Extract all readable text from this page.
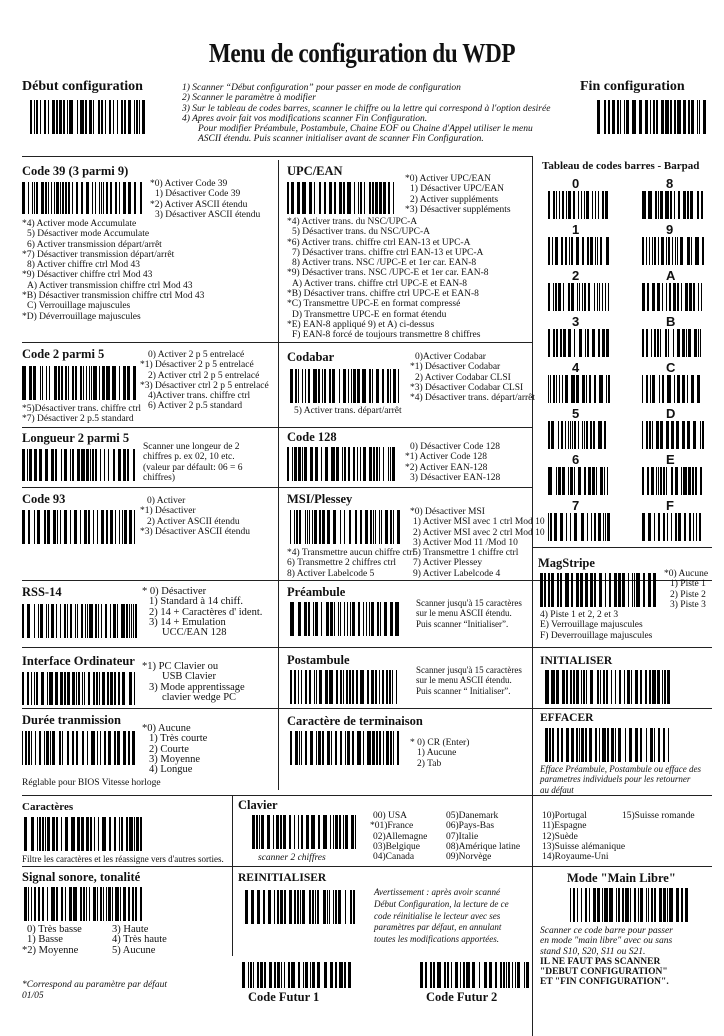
Menu de configuration du WDP
Début configuration	1) Scanner “Début configuration” pour passer en mode de configuration
2) Scanner le paramètre à modifier
3) Sur le tableau de codes barres, scanner le chiffre ou la lettre qui correspond à l'option desirée
4) Apres avoir fait vos modifications scanner Fin Configuration.
Pour modifier Préambule, Postambule, Chaine EOF ou Chaine d'Appel utiliser le menu
ASCII étendu. Puis scanner initialiser avant de scanner Fin Configuration.
Fin configuration
Code 39 (3 parmi 9)
*0) Activer Code 39
1) Désactiver Code 39
*2) Activer ASCII étendu
3) Désactiver ASCII étendu
*4) Activer mode Accumulate
5) Désactiver mode Accumulate
6) Activer transmission départ/arrêt
*7) Désactiver transmission départ/arrêt
8) Activer chiffre ctrl Mod 43
*9) Désactiver chiffre ctrl Mod 43
A) Activer transmission chiffre ctrl Mod 43
*B) Désactiver transmission chiffre ctrl Mod 43
C) Verrouillage majuscules
*D) Déverrouillage majuscules
UPC/EAN
*0) Activer UPC/EAN
1) Désactiver UPC/EAN
2) Activer suppléments
*3) Désactiver suppléments
*4) Activer trans. du NSC/UPC-A
5) Désactiver trans. du NSC/UPC-A
*6) Activer trans. chiffre ctrl EAN-13 et UPC-A
7) Désactiver trans. chiffre ctrl EAN-13 et UPC-A
8) Activer trans. NSC /UPC-E et 1er car. EAN-8
*9) Désactiver trans. NSC /UPC-E et 1er car. EAN-8
A) Activer trans. chiffre ctrl UPC-E et EAN-8
*B) Désactiver trans. chiffre ctrl UPC-E et EAN-8
*C) Transmettre UPC-E en format compressé
D) Transmettre UPC-E en format étendu
*E) EAN-8 appliqué 9) et A) ci-dessus
F) EAN-8 forcé de toujours transmettre 8 chiffres
Tableau de codes barres - Barpad
0	8
1	9
2	A
3	B
4	C
5	D
6	E
7	F
Code 2 parmi 5	0) Activer 2 p 5 entrelacé
*1) Désactiver 2 p 5 entrelacé
2) Activer ctrl 2 p 5 entrelacé
*3) Désactiver ctrl 2 p 5 entrelacé
4)Activer trans. chiffre ctrl
6) Activer 2 p.5 standard
*5)Désactiver trans. chiffre ctrl
*7) Désactiver 2 p.5 standard
Codabar	0)Activer Codabar
*1) Désactiver Codabar
2) Activer Codabar CLSI
*3) Désactiver Codabar CLSI
*4) Désactiver trans. départ/arrêt
5) Activer trans. départ/arrêt
Longueur 2 parmi 5
Scanner une longeur de 2
chiffres p. ex 02, 10 etc.
(valeur par défault: 06 = 6
chiffres)
Code 128
0) Désactiver Code 128
*1) Activer Code 128
*2) Activer EAN-128
3) Désactiver EAN-128
Code 93	0) Activer
*1) Désactiver
2) Activer ASCII étendu
*3) Désactiver ASCII étendu
MSI/Plessey
*0) Désactiver MSI
1) Activer MSI avec 1 ctrl Mod 10
2) Activer MSI avec 2 ctrl Mod 10
3) Activer Mod 11 /Mod 10
5) Transmettre 1 chiffre ctrl
7) Activer Plessey
9) Activer Labelcode 4
*4) Transmettre aucun chiffre ctrl
6) Transmettre 2 chiffres ctrl
8) Activer Labelcode 5
MagStripe
*0) Aucune
1) Piste 1
2) Piste 2
3) Piste 3
4) Piste 1 et 2, 2 et 3
E) Verrouillage majuscules
F) Deverrouillage majuscules
RSS-14	* 0) Désactiver
1) Standard à 14 chiff.
2) 14 + Caractères d' ident.
3) 14 + Emulation
UCC/EAN 128
Préambule
Scanner jusqu'à 15 caractères
sur le menu ASCII étendu.
Puis scanner “Initialiser”.
Interface Ordinateur *1) PC Clavier ou
USB Clavier
3) Mode apprentissage
clavier wedge PC
Postambule
Scanner jusqu'à 15 caractères
sur le menu ASCII étendu.
Puis scanner “ Initialiser”.
INITIALISER
Durée tranmission
*0) Aucune
1) Très courte
2) Courte
3) Moyenne
4) Longue
Réglable pour BIOS Vitesse horloge
Caractère de terminaison
* 0) CR (Enter)
1) Aucune
2) Tab
EFFACER
Efface Préambule, Postambule ou efface des
parametres individuels pour les retourner
au défaut
Caractères
Filtre les caractères et les réassigne vers d'autres sorties.
Clavier
scanner 2 chiffres
00) USA
*01)France
02)Allemagne
03)Belgique
04)Canada
05)Danemark
06)Pays-Bas
07)Italie
08)Amérique latine
09)Norvège
10)Portugal
11)Espagne
12)Suède
13)Suisse alémanique
14)Royaume-Uni
15)Suisse romande
Signal sonore, tonalité
0) Très basse
1) Basse
*2) Moyenne
3) Haute
4) Très haute
5) Aucune
REINITIALISER
Avertissement : après avoir scanné
Début Configuration, la lecture de ce
code réinitialise le lecteur avec ses
paramètres par défaut, en annulant
toutes les modifications apportées.
Mode "Main Libre"
Scanner ce code barre pour passer
en mode "main libre" avec ou sans
stand S10, S20, S11 ou S21.
IL NE FAUT PAS SCANNER
"DEBUT CONFIGURATION"
ET "FIN CONFIGURATION".
*Correspond au paramètre par défaut
01/05	Code Futur 1	Code Futur 2
